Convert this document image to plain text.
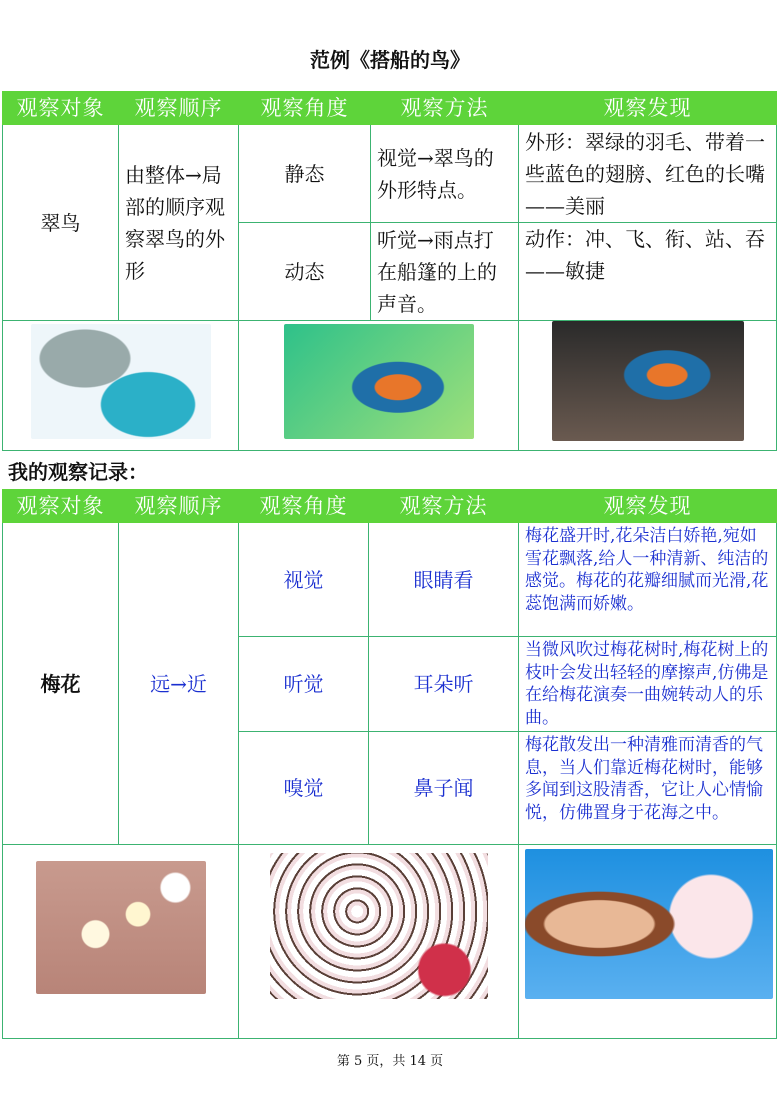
范例《搭船的鸟》
观察对象	观察顺序	观察角度	观察方法	观察发现
翠鸟	由整体→局部的顺序观察翠鸟的外形	静态	视觉→翠鸟的外形特点。	外形：翠绿的羽毛、带着一些蓝色的翅膀、红色的长嘴——美丽
		动态	听觉→雨点打在船篷的上的声音。	动作：冲、飞、衔、站、吞——敏捷

我的观察记录：
观察对象	观察顺序	观察角度	观察方法	观察发现
梅花	远→近	视觉	眼睛看	梅花盛开时,花朵洁白娇艳,宛如雪花飘落,给人一种清新、纯洁的感觉。梅花的花瓣细腻而光滑,花蕊饱满而娇嫩。
		听觉	耳朵听	当微风吹过梅花树时,梅花树上的枝叶会发出轻轻的摩擦声,仿佛是在给梅花演奏一曲婉转动人的乐曲。
		嗅觉	鼻子闻	梅花散发出一种清雅而清香的气息，当人们靠近梅花树时，能够多闻到这股清香，它让人心情愉悦，仿佛置身于花海之中。

第 5 页，共 14 页
